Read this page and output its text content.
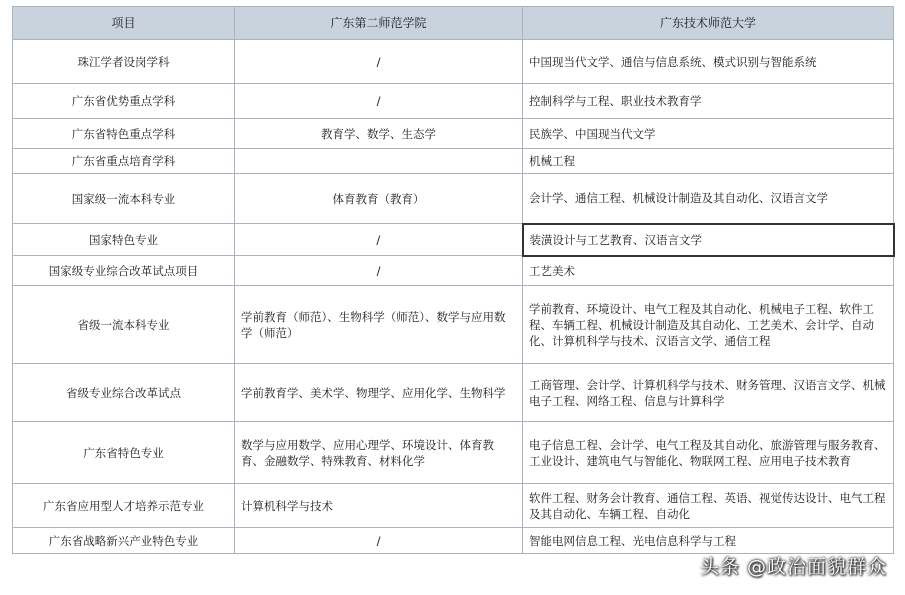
项目	广东第二师范学院	广东技术师范大学
珠江学者设岗学科	/	中国现当代文学、通信与信息系统、模式识别与智能系统
广东省优势重点学科	/	控制科学与工程、职业技术教育学
广东省特色重点学科	教育学、数学、生态学	民族学、中国现当代文学
广东省重点培育学科		机械工程
国家级一流本科专业	体育教育（教育）	会计学、通信工程、机械设计制造及其自动化、汉语言文学
国家特色专业	/	装潢设计与工艺教育、汉语言文学
国家级专业综合改革试点项目	/	工艺美术
省级一流本科专业	学前教育（师范）、生物科学（师范）、数学与应用数学（师范）	学前教育、环境设计、电气工程及其自动化、机械电子工程、软件工程、车辆工程、机械设计制造及其自动化、工艺美术、会计学、自动化、计算机科学与技术、汉语言文学、通信工程
省级专业综合改革试点	学前教育学、美术学、物理学、应用化学、生物科学	工商管理、会计学、计算机科学与技术、财务管理、汉语言文学、机械电子工程、网络工程、信息与计算科学
广东省特色专业	数学与应用数学、应用心理学、环境设计、体育教育、金融数学、特殊教育、材料化学	电子信息工程、会计学、电气工程及其自动化、旅游管理与服务教育、工业设计、建筑电气与智能化、物联网工程、应用电子技术教育
广东省应用型人才培养示范专业	计算机科学与技术	软件工程、财务会计教育、通信工程、英语、视觉传达设计、电气工程及其自动化、车辆工程、自动化
广东省战略新兴产业特色专业	/	智能电网信息工程、光电信息科学与工程
头条 @政治面貌群众
